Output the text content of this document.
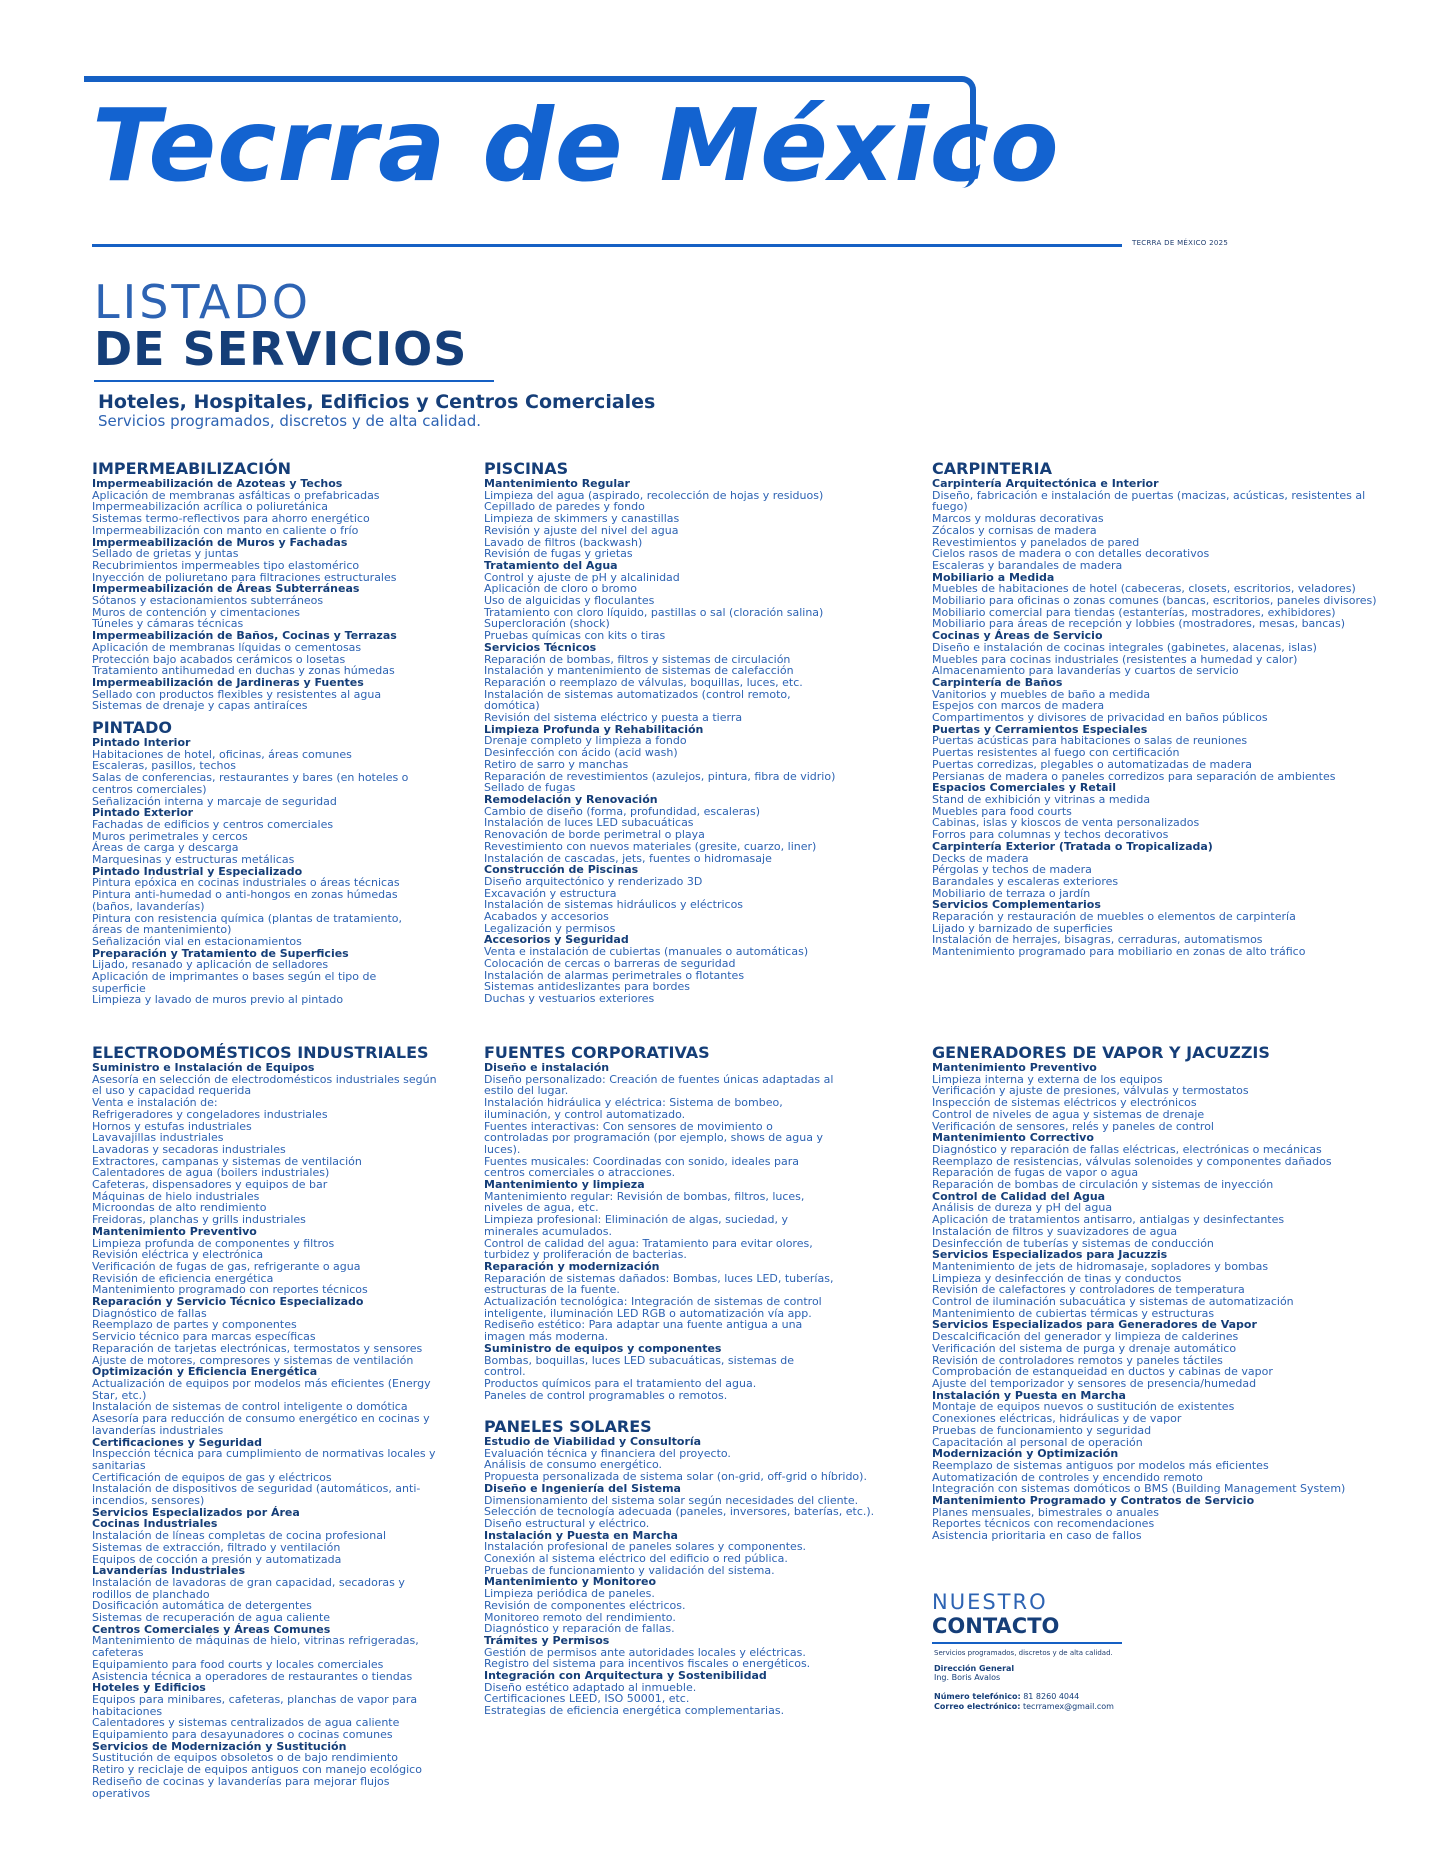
Tecrra de México
TECRRA DE MÉXICO 2025
LISTADO
DE SERVICIOS
Hoteles, Hospitales, Edificios y Centros Comerciales
Servicios programados, discretos y de alta calidad.
IMPERMEABILIZACIÓN
Impermeabilización de Azoteas y Techos
Aplicación de membranas asfálticas o prefabricadas
Impermeabilización acrílica o poliuretánica
Sistemas termo-reflectivos para ahorro energético
Impermeabilización con manto en caliente o frío
Impermeabilización de Muros y Fachadas
Sellado de grietas y juntas
Recubrimientos impermeables tipo elastomérico
Inyección de poliuretano para filtraciones estructurales
Impermeabilización de Áreas Subterráneas
Sótanos y estacionamientos subterráneos
Muros de contención y cimentaciones
Túneles y cámaras técnicas
Impermeabilización de Baños, Cocinas y Terrazas
Aplicación de membranas líquidas o cementosas
Protección bajo acabados cerámicos o losetas
Tratamiento antihumedad en duchas y zonas húmedas
Impermeabilización de Jardineras y Fuentes
Sellado con productos flexibles y resistentes al agua
Sistemas de drenaje y capas antiraíces
PINTADO
Pintado Interior
Habitaciones de hotel, oficinas, áreas comunes
Escaleras, pasillos, techos
Salas de conferencias, restaurantes y bares (en hoteles o centros comerciales)
Señalización interna y marcaje de seguridad
Pintado Exterior
Fachadas de edificios y centros comerciales
Muros perimetrales y cercos
Áreas de carga y descarga
Marquesinas y estructuras metálicas
Pintado Industrial y Especializado
Pintura epóxica en cocinas industriales o áreas técnicas
Pintura anti-humedad o anti-hongos en zonas húmedas (baños, lavanderías)
Pintura con resistencia química (plantas de tratamiento, áreas de mantenimiento)
Señalización vial en estacionamientos
Preparación y Tratamiento de Superficies
Lijado, resanado y aplicación de selladores
Aplicación de imprimantes o bases según el tipo de superficie
Limpieza y lavado de muros previo al pintado
PISCINAS
Mantenimiento Regular
Limpieza del agua (aspirado, recolección de hojas y residuos)
Cepillado de paredes y fondo
Limpieza de skimmers y canastillas
Revisión y ajuste del nivel del agua
Lavado de filtros (backwash)
Revisión de fugas y grietas
Tratamiento del Agua
Control y ajuste de pH y alcalinidad
Aplicación de cloro o bromo
Uso de alguicidas y floculantes
Tratamiento con cloro líquido, pastillas o sal (cloración salina)
Supercloración (shock)
Pruebas químicas con kits o tiras
Servicios Técnicos
Reparación de bombas, filtros y sistemas de circulación
Instalación y mantenimiento de sistemas de calefacción
Reparación o reemplazo de válvulas, boquillas, luces, etc.
Instalación de sistemas automatizados (control remoto, domótica)
Revisión del sistema eléctrico y puesta a tierra
Limpieza Profunda y Rehabilitación
Drenaje completo y limpieza a fondo
Desinfección con ácido (acid wash)
Retiro de sarro y manchas
Reparación de revestimientos (azulejos, pintura, fibra de vidrio)
Sellado de fugas
Remodelación y Renovación
Cambio de diseño (forma, profundidad, escaleras)
Instalación de luces LED subacuáticas
Renovación de borde perimetral o playa
Revestimiento con nuevos materiales (gresite, cuarzo, liner)
Instalación de cascadas, jets, fuentes o hidromasaje
Construcción de Piscinas
Diseño arquitectónico y renderizado 3D
Excavación y estructura
Instalación de sistemas hidráulicos y eléctricos
Acabados y accesorios
Legalización y permisos
Accesorios y Seguridad
Venta e instalación de cubiertas (manuales o automáticas)
Colocación de cercas o barreras de seguridad
Instalación de alarmas perimetrales o flotantes
Sistemas antideslizantes para bordes
Duchas y vestuarios exteriores
CARPINTERIA
Carpintería Arquitectónica e Interior
Diseño, fabricación e instalación de puertas (macizas, acústicas, resistentes al fuego)
Marcos y molduras decorativas
Zócalos y cornisas de madera
Revestimientos y panelados de pared
Cielos rasos de madera o con detalles decorativos
Escaleras y barandales de madera
Mobiliario a Medida
Muebles de habitaciones de hotel (cabeceras, closets, escritorios, veladores)
Mobiliario para oficinas o zonas comunes (bancas, escritorios, paneles divisores)
Mobiliario comercial para tiendas (estanterías, mostradores, exhibidores)
Mobiliario para áreas de recepción y lobbies (mostradores, mesas, bancas)
Cocinas y Áreas de Servicio
Diseño e instalación de cocinas integrales (gabinetes, alacenas, islas)
Muebles para cocinas industriales (resistentes a humedad y calor)
Almacenamiento para lavanderías y cuartos de servicio
Carpintería de Baños
Vanitorios y muebles de baño a medida
Espejos con marcos de madera
Compartimentos y divisores de privacidad en baños públicos
Puertas y Cerramientos Especiales
Puertas acústicas para habitaciones o salas de reuniones
Puertas resistentes al fuego con certificación
Puertas corredizas, plegables o automatizadas de madera
Persianas de madera o paneles corredizos para separación de ambientes
Espacios Comerciales y Retail
Stand de exhibición y vitrinas a medida
Muebles para food courts
Cabinas, islas y kioscos de venta personalizados
Forros para columnas y techos decorativos
Carpintería Exterior (Tratada o Tropicalizada)
Decks de madera
Pérgolas y techos de madera
Barandales y escaleras exteriores
Mobiliario de terraza o jardín
Servicios Complementarios
Reparación y restauración de muebles o elementos de carpintería
Lijado y barnizado de superficies
Instalación de herrajes, bisagras, cerraduras, automatismos
Mantenimiento programado para mobiliario en zonas de alto tráfico
ELECTRODOMÉSTICOS INDUSTRIALES
Suministro e Instalación de Equipos
Asesoría en selección de electrodomésticos industriales según el uso y capacidad requerida
Venta e instalación de:
Refrigeradores y congeladores industriales
Hornos y estufas industriales
Lavavajillas industriales
Lavadoras y secadoras industriales
Extractores, campanas y sistemas de ventilación
Calentadores de agua (boilers industriales)
Cafeteras, dispensadores y equipos de bar
Máquinas de hielo industriales
Microondas de alto rendimiento
Freidoras, planchas y grills industriales
Mantenimiento Preventivo
Limpieza profunda de componentes y filtros
Revisión eléctrica y electrónica
Verificación de fugas de gas, refrigerante o agua
Revisión de eficiencia energética
Mantenimiento programado con reportes técnicos
Reparación y Servicio Técnico Especializado
Diagnóstico de fallas
Reemplazo de partes y componentes
Servicio técnico para marcas específicas
Reparación de tarjetas electrónicas, termostatos y sensores
Ajuste de motores, compresores y sistemas de ventilación
Optimización y Eficiencia Energética
Actualización de equipos por modelos más eficientes (Energy Star, etc.)
Instalación de sistemas de control inteligente o domótica
Asesoría para reducción de consumo energético en cocinas y lavanderías industriales
Certificaciones y Seguridad
Inspección técnica para cumplimiento de normativas locales y sanitarias
Certificación de equipos de gas y eléctricos
Instalación de dispositivos de seguridad (automáticos, anti-incendios, sensores)
Servicios Especializados por Área
Cocinas Industriales
Instalación de líneas completas de cocina profesional
Sistemas de extracción, filtrado y ventilación
Equipos de cocción a presión y automatizada
Lavanderías Industriales
Instalación de lavadoras de gran capacidad, secadoras y rodillos de planchado
Dosificación automática de detergentes
Sistemas de recuperación de agua caliente
Centros Comerciales y Áreas Comunes
Mantenimiento de máquinas de hielo, vitrinas refrigeradas, cafeteras
Equipamiento para food courts y locales comerciales
Asistencia técnica a operadores de restaurantes o tiendas
Hoteles y Edificios
Equipos para minibares, cafeteras, planchas de vapor para habitaciones
Calentadores y sistemas centralizados de agua caliente
Equipamiento para desayunadores o cocinas comunes
Servicios de Modernización y Sustitución
Sustitución de equipos obsoletos o de bajo rendimiento
Retiro y reciclaje de equipos antiguos con manejo ecológico
Rediseño de cocinas y lavanderías para mejorar flujos operativos
FUENTES CORPORATIVAS
Diseño e instalación
Diseño personalizado: Creación de fuentes únicas adaptadas al estilo del lugar.
Instalación hidráulica y eléctrica: Sistema de bombeo, iluminación, y control automatizado.
Fuentes interactivas: Con sensores de movimiento o controladas por programación (por ejemplo, shows de agua y luces).
Fuentes musicales: Coordinadas con sonido, ideales para centros comerciales o atracciones.
Mantenimiento y limpieza
Mantenimiento regular: Revisión de bombas, filtros, luces, niveles de agua, etc.
Limpieza profesional: Eliminación de algas, suciedad, y minerales acumulados.
Control de calidad del agua: Tratamiento para evitar olores, turbidez y proliferación de bacterias.
Reparación y modernización
Reparación de sistemas dañados: Bombas, luces LED, tuberías, estructuras de la fuente.
Actualización tecnológica: Integración de sistemas de control inteligente, iluminación LED RGB o automatización vía app.
Rediseño estético: Para adaptar una fuente antigua a una imagen más moderna.
Suministro de equipos y componentes
Bombas, boquillas, luces LED subacuáticas, sistemas de control.
Productos químicos para el tratamiento del agua.
Paneles de control programables o remotos.
PANELES SOLARES
Estudio de Viabilidad y Consultoría
Evaluación técnica y financiera del proyecto.
Análisis de consumo energético.
Propuesta personalizada de sistema solar (on-grid, off-grid o híbrido).
Diseño e Ingeniería del Sistema
Dimensionamiento del sistema solar según necesidades del cliente.
Selección de tecnología adecuada (paneles, inversores, baterías, etc.).
Diseño estructural y eléctrico.
Instalación y Puesta en Marcha
Instalación profesional de paneles solares y componentes.
Conexión al sistema eléctrico del edificio o red pública.
Pruebas de funcionamiento y validación del sistema.
Mantenimiento y Monitoreo
Limpieza periódica de paneles.
Revisión de componentes eléctricos.
Monitoreo remoto del rendimiento.
Diagnóstico y reparación de fallas.
Trámites y Permisos
Gestión de permisos ante autoridades locales y eléctricas.
Registro del sistema para incentivos fiscales o energéticos.
Integración con Arquitectura y Sostenibilidad
Diseño estético adaptado al inmueble.
Certificaciones LEED, ISO 50001, etc.
Estrategias de eficiencia energética complementarias.
GENERADORES DE VAPOR Y JACUZZIS
Mantenimiento Preventivo
Limpieza interna y externa de los equipos
Verificación y ajuste de presiones, válvulas y termostatos
Inspección de sistemas eléctricos y electrónicos
Control de niveles de agua y sistemas de drenaje
Verificación de sensores, relés y paneles de control
Mantenimiento Correctivo
Diagnóstico y reparación de fallas eléctricas, electrónicas o mecánicas
Reemplazo de resistencias, válvulas solenoides y componentes dañados
Reparación de fugas de vapor o agua
Reparación de bombas de circulación y sistemas de inyección
Control de Calidad del Agua
Análisis de dureza y pH del agua
Aplicación de tratamientos antisarro, antialgas y desinfectantes
Instalación de filtros y suavizadores de agua
Desinfección de tuberías y sistemas de conducción
Servicios Especializados para Jacuzzis
Mantenimiento de jets de hidromasaje, sopladores y bombas
Limpieza y desinfección de tinas y conductos
Revisión de calefactores y controladores de temperatura
Control de iluminación subacuática y sistemas de automatización
Mantenimiento de cubiertas térmicas y estructuras
Servicios Especializados para Generadores de Vapor
Descalcificación del generador y limpieza de calderines
Verificación del sistema de purga y drenaje automático
Revisión de controladores remotos y paneles táctiles
Comprobación de estanqueidad en ductos y cabinas de vapor
Ajuste del temporizador y sensores de presencia/humedad
Instalación y Puesta en Marcha
Montaje de equipos nuevos o sustitución de existentes
Conexiones eléctricas, hidráulicas y de vapor
Pruebas de funcionamiento y seguridad
Capacitación al personal de operación
Modernización y Optimización
Reemplazo de sistemas antiguos por modelos más eficientes
Automatización de controles y encendido remoto
Integración con sistemas domóticos o BMS (Building Management System)
Mantenimiento Programado y Contratos de Servicio
Planes mensuales, bimestrales o anuales
Reportes técnicos con recomendaciones
Asistencia prioritaria en caso de fallos
NUESTRO
CONTACTO
Servicios programados, discretos y de alta calidad.
Dirección General
Ing. Boris Avalos
Número telefónico: 81 8260 4044
Correo electrónico: tecrramex@gmail.com
